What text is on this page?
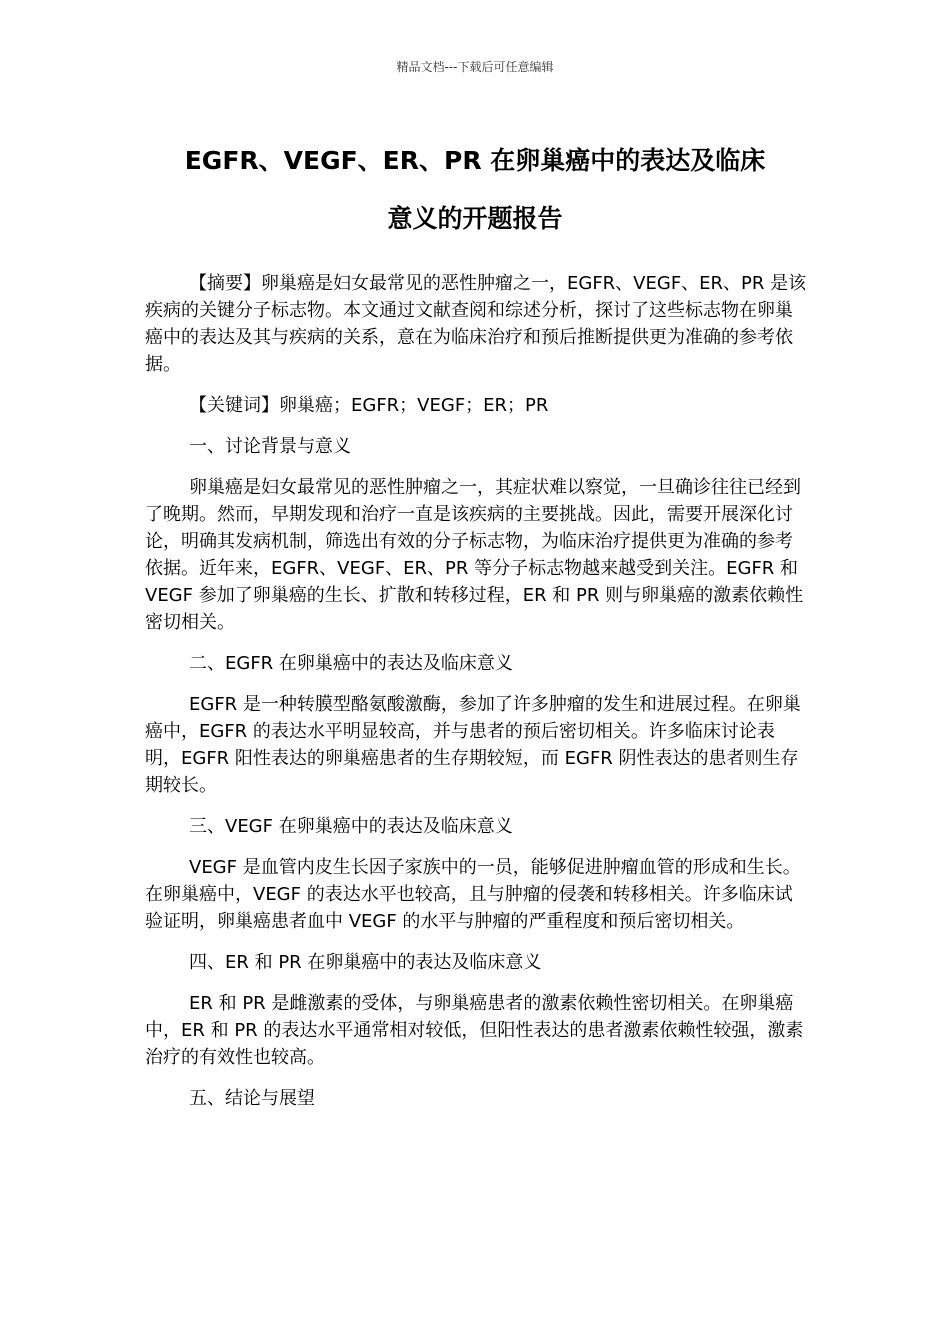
精品文档---下载后可任意编辑
EGFR、VEGF、ER、PR 在卵巢癌中的表达及临床
意义的开题报告

【摘要】卵巢癌是妇女最常见的恶性肿瘤之一，EGFR、VEGF、ER、PR 是该疾病的关键分子标志物。本文通过文献查阅和综述分析，探讨了这些标志物在卵巢癌中的表达及其与疾病的关系，意在为临床治疗和预后推断提供更为准确的参考依据。

【关键词】卵巢癌；EGFR；VEGF；ER；PR

一、讨论背景与意义

卵巢癌是妇女最常见的恶性肿瘤之一，其症状难以察觉，一旦确诊往往已经到了晚期。然而，早期发现和治疗一直是该疾病的主要挑战。因此，需要开展深化讨论，明确其发病机制，筛选出有效的分子标志物，为临床治疗提供更为准确的参考依据。近年来，EGFR、VEGF、ER、PR 等分子标志物越来越受到关注。EGFR 和 VEGF 参加了卵巢癌的生长、扩散和转移过程，ER 和 PR 则与卵巢癌的激素依赖性密切相关。

二、EGFR 在卵巢癌中的表达及临床意义

EGFR 是一种转膜型酪氨酸激酶，参加了许多肿瘤的发生和进展过程。在卵巢癌中，EGFR 的表达水平明显较高，并与患者的预后密切相关。许多临床讨论表明，EGFR 阳性表达的卵巢癌患者的生存期较短，而 EGFR 阴性表达的患者则生存期较长。

三、VEGF 在卵巢癌中的表达及临床意义

VEGF 是血管内皮生长因子家族中的一员，能够促进肿瘤血管的形成和生长。在卵巢癌中，VEGF 的表达水平也较高，且与肿瘤的侵袭和转移相关。许多临床试验证明，卵巢癌患者血中 VEGF 的水平与肿瘤的严重程度和预后密切相关。

四、ER 和 PR 在卵巢癌中的表达及临床意义

ER 和 PR 是雌激素的受体，与卵巢癌患者的激素依赖性密切相关。在卵巢癌中，ER 和 PR 的表达水平通常相对较低，但阳性表达的患者激素依赖性较强，激素治疗的有效性也较高。

五、结论与展望
